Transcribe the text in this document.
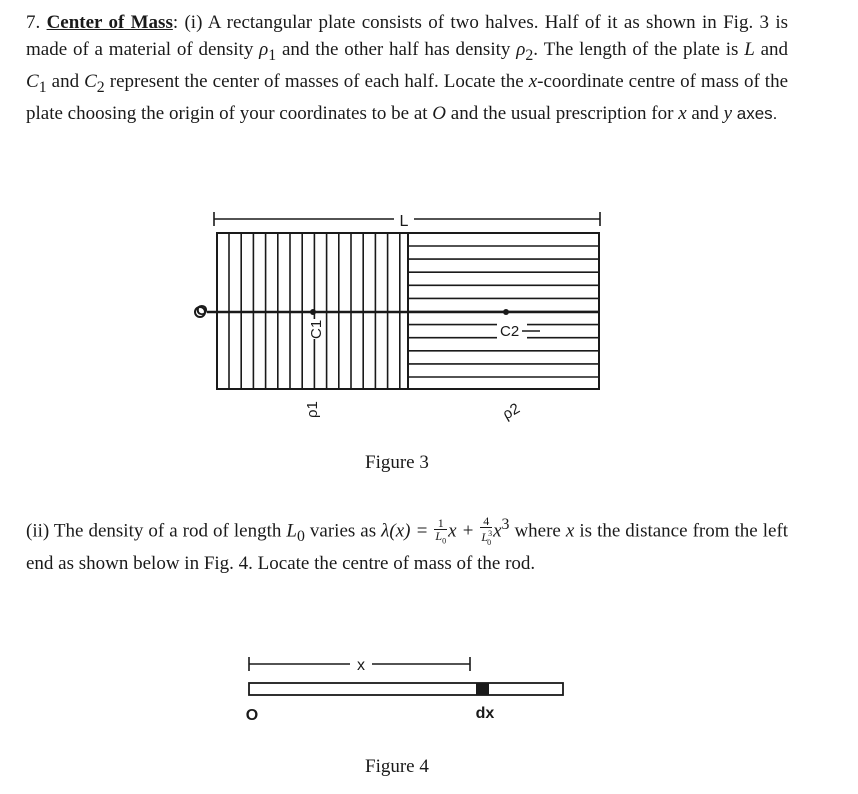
7. Center of Mass: (i) A rectangular plate consists of two halves. Half of it as shown in Fig. 3 is made of a material of density $\rho_1$ and the other half has density $\rho_2$. The length of the plate is L and $C_1$ and $C_2$ represent the center of masses of each half. Locate the x-coordinate centre of mass of the plate choosing the origin of your coordinates to be at O and the usual prescription for x and y axes.
L
C1	C2
ρ1	ρ2
O
Figure 3
(ii) The density of a rod of length $L_0$ varies as $\lambda(x) = \frac{1}{L_0}$ $x + \frac{4}{L^3_0} x^3$ where x is the distance from the left end as shown below in Fig. 4. Locate the centre of mass of the rod.
x
O	dx
Figure 4
